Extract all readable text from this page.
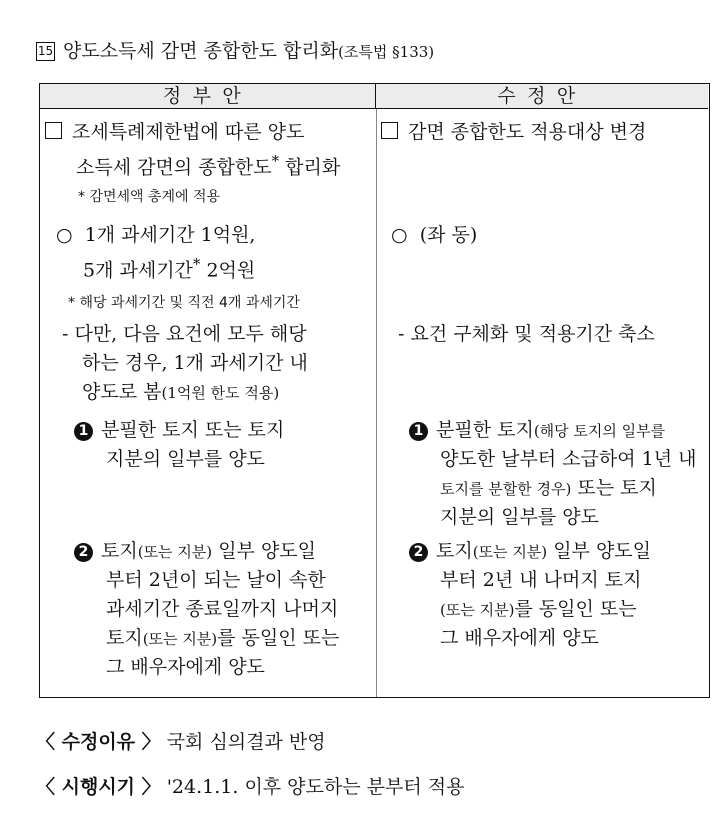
15 양도소득세 감면 종합한도 합리화(조특법 §133)
정부안	수정안
조세특례제한법에 따른 양도
소득세 감면의 종합한도* 합리화
* 감면세액 총계에 적용
○ 1개 과세기간 1억원,
5개 과세기간* 2억원
* 해당 과세기간 및 직전 4개 과세기간
- 다만, 다음 요건에 모두 해당
하는 경우, 1개 과세기간 내
양도로 봄(1억원 한도 적용)
1 분필한 토지 또는 토지
지분의 일부를 양도
2 토지(또는 지분) 일부 양도일
부터 2년이 되는 날이 속한
과세기간 종료일까지 나머지
토지(또는 지분)를 동일인 또는
그 배우자에게 양도
감면 종합한도 적용대상 변경
○ (좌 동)
- 요건 구체화 및 적용기간 축소
1 분필한 토지(해당 토지의 일부를
양도한 날부터 소급하여 1년 내
토지를 분할한 경우) 또는 토지
지분의 일부를 양도
2 토지(또는 지분) 일부 양도일
부터 2년 내 나머지 토지
(또는 지분)를 동일인 또는
그 배우자에게 양도
〈 수정이유 〉 국회 심의결과 반영
〈 시행시기 〉 '24.1.1. 이후 양도하는 분부터 적용
